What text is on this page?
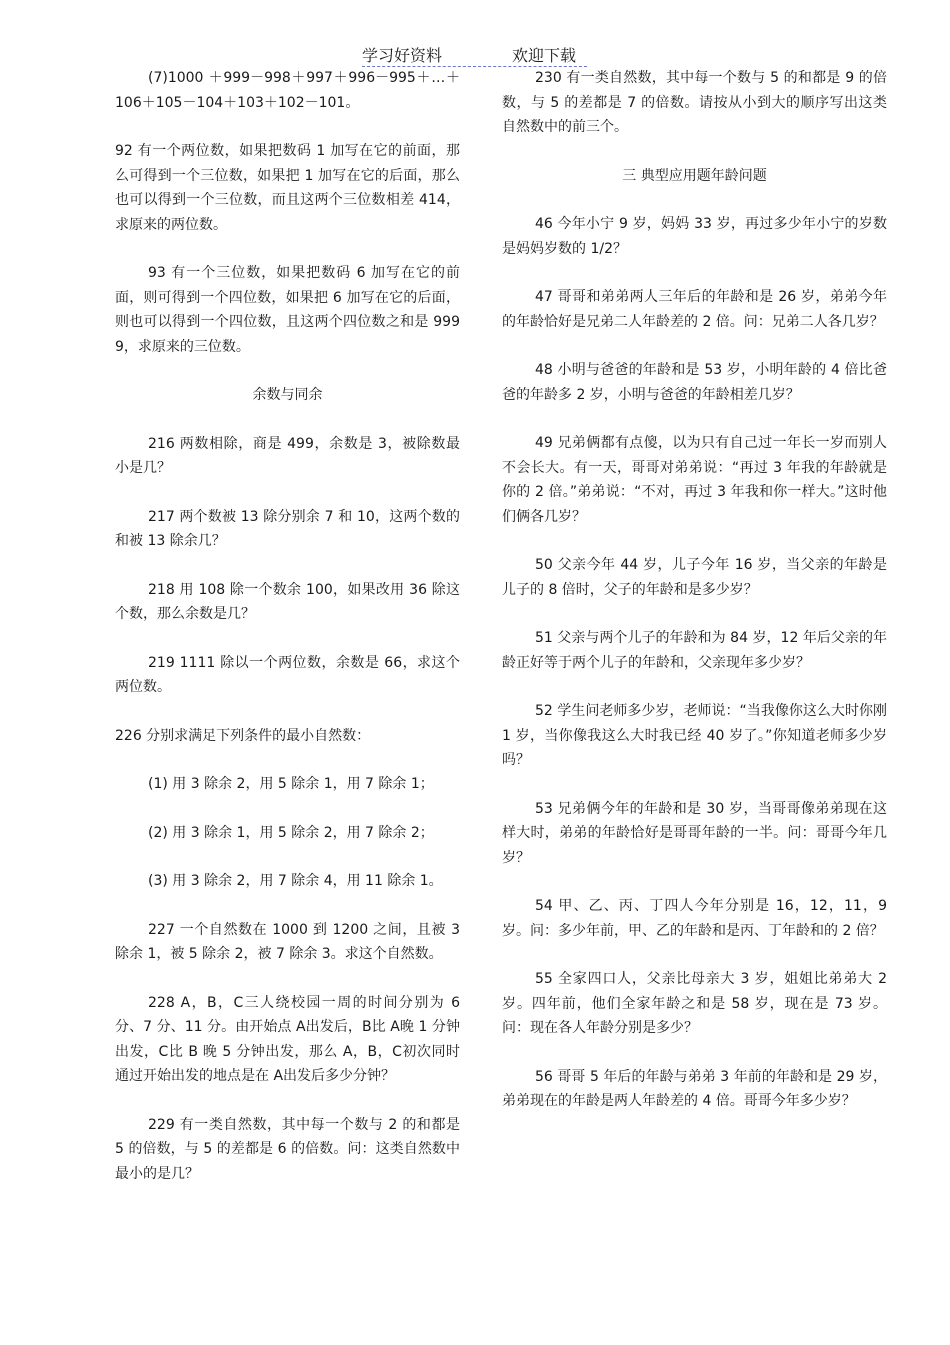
学习好资料	欢迎下载

(7)1000 ＋999－998＋997＋996－995＋…＋106＋105－104＋103＋102－101。

92 有一个两位数，如果把数码 1 加写在它的前面，那么可得到一个三位数，如果把 1 加写在它的后面，那么也可以得到一个三位数，而且这两个三位数相差 414，求原来的两位数。

93 有一个三位数，如果把数码 6 加写在它的前面，则可得到一个四位数，如果把 6 加写在它的后面，则也可以得到一个四位数，且这两个四位数之和是 9999，求原来的三位数。

余数与同余

216 两数相除，商是 499，余数是 3，被除数最小是几？

217 两个数被 13 除分别余 7 和 10，这两个数的和被 13 除余几？

218 用 108 除一个数余 100，如果改用 36 除这个数，那么余数是几？

219 1111 除以一个两位数，余数是 66，求这个两位数。

226 分别求满足下列条件的最小自然数：

(1) 用 3 除余 2，用 5 除余 1，用 7 除余 1；

(2) 用 3 除余 1，用 5 除余 2，用 7 除余 2；

(3) 用 3 除余 2，用 7 除余 4，用 11 除余 1。

227 一个自然数在 1000 到 1200 之间，且被 3 除余 1，被 5 除余 2，被 7 除余 3。求这个自然数。

228 A，B，C三人绕校园一周的时间分别为 6 分、7 分、11 分。由开始点 A出发后，B比 A晚 1 分钟出发，C比 B 晚 5 分钟出发，那么 A，B，C初次同时通过开始出发的地点是在 A出发后多少分钟？

229 有一类自然数，其中每一个数与 2 的和都是 5 的倍数，与 5 的差都是 6 的倍数。问：这类自然数中最小的是几？

230 有一类自然数，其中每一个数与 5 的和都是 9 的倍数，与 5 的差都是 7 的倍数。请按从小到大的顺序写出这类自然数中的前三个。

三 典型应用题年龄问题

46 今年小宁 9 岁，妈妈 33 岁，再过多少年小宁的岁数是妈妈岁数的 1/2？

47 哥哥和弟弟两人三年后的年龄和是 26 岁，弟弟今年的年龄恰好是兄弟二人年龄差的 2 倍。问：兄弟二人各几岁？

48 小明与爸爸的年龄和是 53 岁，小明年龄的 4 倍比爸爸的年龄多 2 岁，小明与爸爸的年龄相差几岁？

49 兄弟俩都有点傻，以为只有自己过一年长一岁而别人不会长大。有一天，哥哥对弟弟说：“再过 3 年我的年龄就是你的 2 倍。”弟弟说：“不对，再过 3 年我和你一样大。”这时他们俩各几岁？

50 父亲今年 44 岁，儿子今年 16 岁，当父亲的年龄是儿子的 8 倍时，父子的年龄和是多少岁？

51 父亲与两个儿子的年龄和为 84 岁，12 年后父亲的年龄正好等于两个儿子的年龄和，父亲现年多少岁？

52 学生问老师多少岁，老师说：“当我像你这么大时你刚 1 岁，当你像我这么大时我已经 40 岁了。”你知道老师多少岁吗？

53 兄弟俩今年的年龄和是 30 岁，当哥哥像弟弟现在这样大时，弟弟的年龄恰好是哥哥年龄的一半。问：哥哥今年几岁？

54 甲、乙、丙、丁四人今年分别是 16，12，11，9 岁。问：多少年前，甲、乙的年龄和是丙、丁年龄和的 2 倍？

55 全家四口人，父亲比母亲大 3 岁，姐姐比弟弟大 2 岁。四年前，他们全家年龄之和是 58 岁，现在是 73 岁。问：现在各人年龄分别是多少？

56 哥哥 5 年后的年龄与弟弟 3 年前的年龄和是 29 岁，弟弟现在的年龄是两人年龄差的 4 倍。哥哥今年多少岁？
